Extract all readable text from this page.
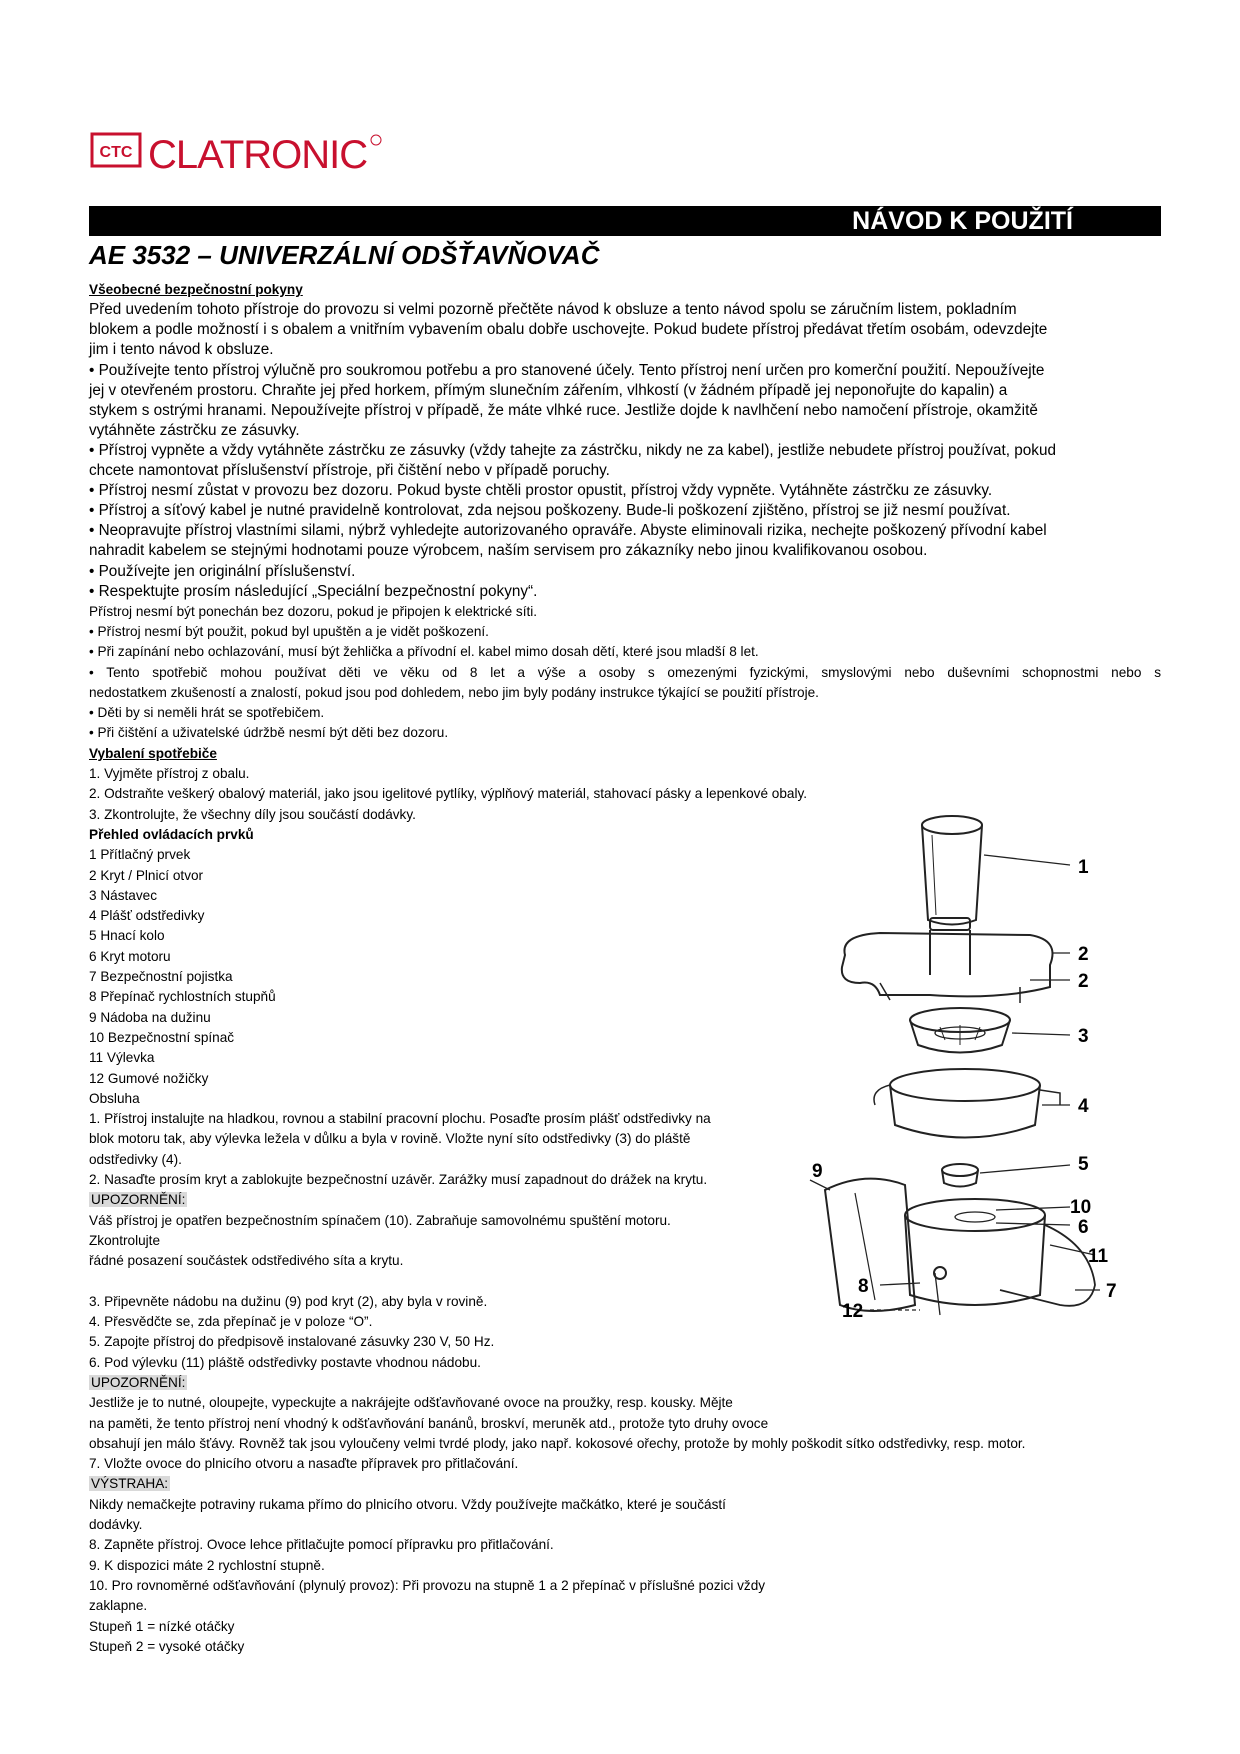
CTC CLATRONIC
NÁVOD K POUŽITÍ
AE 3532 – UNIVERZÁLNÍ ODŠŤAVŇOVAČ

Všeobecné bezpečnostní pokyny

Před uvedením tohoto přístroje do provozu si velmi pozorně přečtěte návod k obsluze a tento návod spolu se záručním listem, pokladním

blokem a podle možností i s obalem a vnitřním vybavením obalu dobře uschovejte. Pokud budete přístroj předávat třetím osobám, odevzdejte

jim i tento návod k obsluze.

• Používejte tento přístroj výlučně pro soukromou potřebu a pro stanovené účely. Tento přístroj není určen pro komerční použití. Nepoužívejte

jej v otevřeném prostoru. Chraňte jej před horkem, přímým slunečním zářením, vlhkostí (v žádném případě jej neponořujte do kapalin) a

stykem s ostrými hranami. Nepoužívejte přístroj v případě, že máte vlhké ruce. Jestliže dojde k navlhčení nebo namočení přístroje, okamžitě

vytáhněte zástrčku ze zásuvky.

• Přístroj vypněte a vždy vytáhněte zástrčku ze zásuvky (vždy tahejte za zástrčku, nikdy ne za kabel), jestliže nebudete přístroj používat, pokud

chcete namontovat příslušenství přístroje, při čištění nebo v případě poruchy.

• Přístroj nesmí zůstat v provozu bez dozoru. Pokud byste chtěli prostor opustit, přístroj vždy vypněte. Vytáhněte zástrčku ze zásuvky.

• Přístroj a síťový kabel je nutné pravidelně kontrolovat, zda nejsou poškozeny. Bude-li poškození zjištěno, přístroj se již nesmí používat.

• Neopravujte přístroj vlastními silami, nýbrž vyhledejte autorizovaného opraváře. Abyste eliminovali rizika, nechejte poškozený přívodní kabel

nahradit kabelem se stejnými hodnotami pouze výrobcem, naším servisem pro zákazníky nebo jinou kvalifikovanou osobou.

• Používejte jen originální příslušenství.

• Respektujte prosím následující „Speciální bezpečnostní pokyny“.

Přístroj nesmí být ponechán bez dozoru, pokud je připojen k elektrické síti.

• Přístroj nesmí být použit, pokud byl upuštěn a je vidět poškození.

• Při zapínání nebo ochlazování, musí být žehlička a přívodní el. kabel mimo dosah dětí, které jsou mladší 8 let.

• Tento spotřebič mohou používat děti ve věku od 8 let a výše a osoby s omezenými fyzickými, smyslovými nebo duševními schopnostmi nebo s

nedostatkem zkušeností a znalostí, pokud jsou pod dohledem, nebo jim byly podány instrukce týkající se použití přístroje.

• Děti by si neměli hrát se spotřebičem.

• Při čištění a uživatelské údržbě nesmí být děti bez dozoru.

Vybalení spotřebiče

1. Vyjměte přístroj z obalu.

2. Odstraňte veškerý obalový materiál, jako jsou igelitové pytlíky, výplňový materiál, stahovací pásky a lepenkové obaly.

3. Zkontrolujte, že všechny díly jsou součástí dodávky.

Přehled ovládacích prvků

1 Přítlačný prvek

2 Kryt / Plnicí otvor

3 Nástavec

4 Plášť odstředivky

5 Hnací kolo

6 Kryt motoru

7 Bezpečnostní pojistka

8 Přepínač rychlostních stupňů

9 Nádoba na dužinu

10 Bezpečnostní spínač

11 Výlevka

12 Gumové nožičky

Obsluha

1. Přístroj instalujte na hladkou, rovnou a stabilní pracovní plochu. Posaďte prosím plášť odstředivky na

blok motoru tak, aby výlevka ležela v důlku a byla v rovině. Vložte nyní síto odstředivky (3) do pláště

odstředivky (4).

2. Nasaďte prosím kryt a zablokujte bezpečnostní uzávěr. Zarážky musí zapadnout do drážek na krytu.

UPOZORNĚNÍ:

Váš přístroj je opatřen bezpečnostním spínačem (10). Zabraňuje samovolnému spuštění motoru.

Zkontrolujte

řádné posazení součástek odstředivého síta a krytu.

3. Připevněte nádobu na dužinu (9) pod kryt (2), aby byla v rovině.

4. Přesvědčte se, zda přepínač je v poloze “O”.

5. Zapojte přístroj do předpisově instalované zásuvky 230 V, 50 Hz.

6. Pod výlevku (11) pláště odstředivky postavte vhodnou nádobu.

UPOZORNĚNÍ:

Jestliže je to nutné, oloupejte, vypeckujte a nakrájejte odšťavňované ovoce na proužky, resp. kousky. Mějte

na paměti, že tento přístroj není vhodný k odšťavňování banánů, broskví, meruněk atd., protože tyto druhy ovoce

obsahují jen málo šťávy. Rovněž tak jsou vyloučeny velmi tvrdé plody, jako např. kokosové ořechy, protože by mohly poškodit sítko odstředivky, resp. motor.

7. Vložte ovoce do plnicího otvoru a nasaďte přípravek pro přitlačování.

VÝSTRAHA:

Nikdy nemačkejte potraviny rukama přímo do plnicího otvoru. Vždy používejte mačkátko, které je součástí

dodávky.

8. Zapněte přístroj. Ovoce lehce přitlačujte pomocí přípravku pro přitlačování.

9. K dispozici máte 2 rychlostní stupně.

10. Pro rovnoměrné odšťavňování (plynulý provoz): Při provozu na stupně 1 a 2 přepínač v příslušné pozici vždy

zaklapne.

Stupeň 1 = nízké otáčky

Stupeň 2 = vysoké otáčky

1
2
2
3
4
5
9
10
6
11
7
8
12
